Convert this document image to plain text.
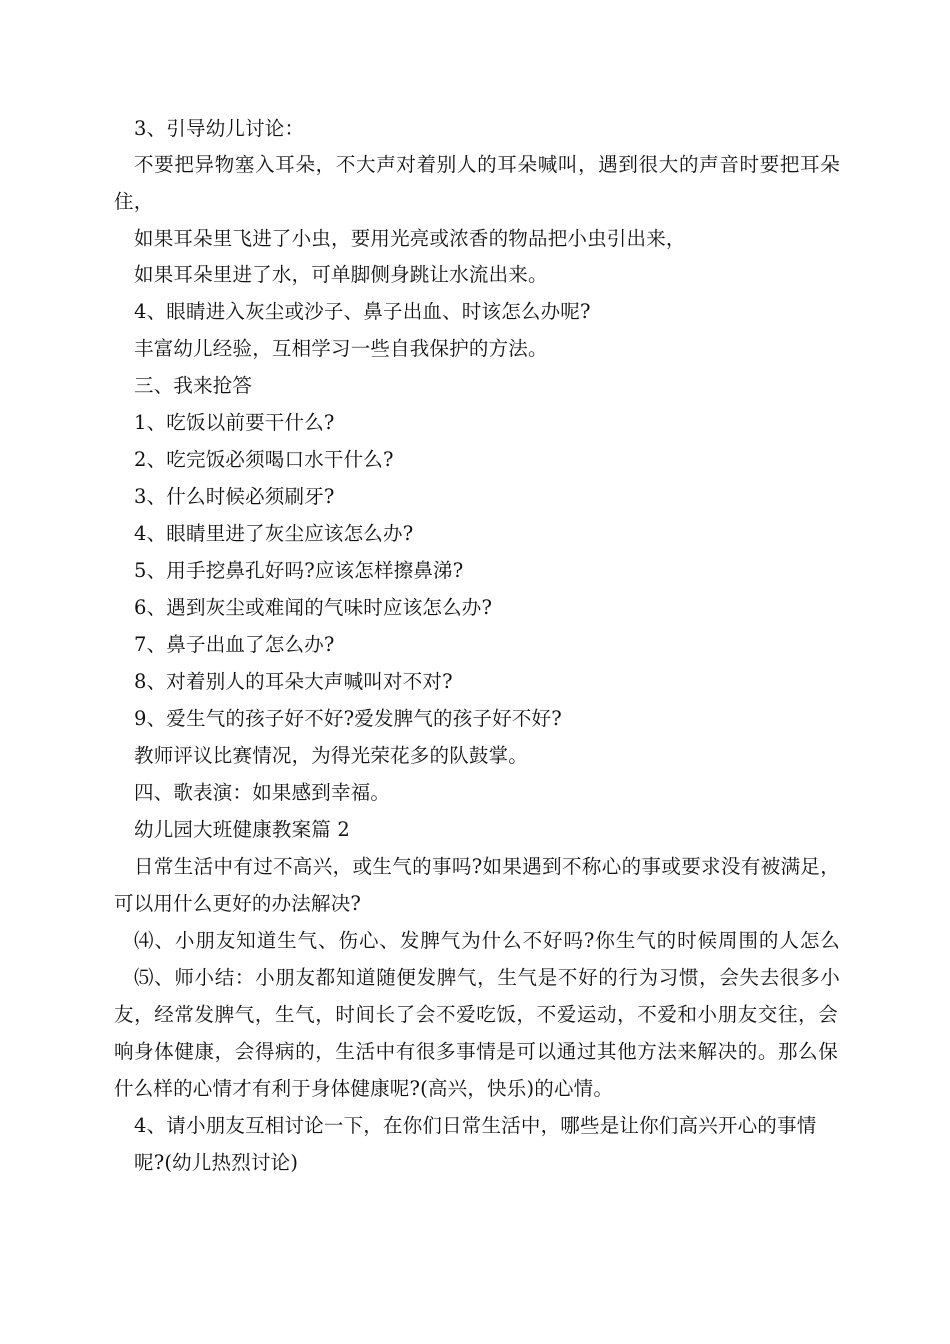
3、引导幼儿讨论：
不要把异物塞入耳朵，不大声对着别人的耳朵喊叫，遇到很大的声音时要把耳朵
住，
如果耳朵里飞进了小虫，要用光亮或浓香的物品把小虫引出来，
如果耳朵里进了水，可单脚侧身跳让水流出来。
4、眼睛进入灰尘或沙子、鼻子出血、时该怎么办呢?
丰富幼儿经验，互相学习一些自我保护的方法。
三、我来抢答
1、吃饭以前要干什么?
2、吃完饭必须喝口水干什么?
3、什么时候必须刷牙?
4、眼睛里进了灰尘应该怎么办?
5、用手挖鼻孔好吗?应该怎样擦鼻涕?
6、遇到灰尘或难闻的气味时应该怎么办?
7、鼻子出血了怎么办?
8、对着别人的耳朵大声喊叫对不对?
9、爱生气的孩子好不好?爱发脾气的孩子好不好?
教师评议比赛情况，为得光荣花多的队鼓掌。
四、歌表演：如果感到幸福。
幼儿园大班健康教案篇 2
日常生活中有过不高兴，或生气的事吗?如果遇到不称心的事或要求没有被满足，
可以用什么更好的办法解决?
⑷、小朋友知道生气、伤心、发脾气为什么不好吗?你生气的时候周围的人怎么
⑸、师小结：小朋友都知道随便发脾气，生气是不好的行为习惯，会失去很多小
友，经常发脾气，生气，时间长了会不爱吃饭，不爱运动，不爱和小朋友交往，会
响身体健康，会得病的，生活中有很多事情是可以通过其他方法来解决的。那么保
什么样的心情才有利于身体健康呢?(高兴，快乐)的心情。
4、请小朋友互相讨论一下，在你们日常生活中，哪些是让你们高兴开心的事情
呢?(幼儿热烈讨论)
